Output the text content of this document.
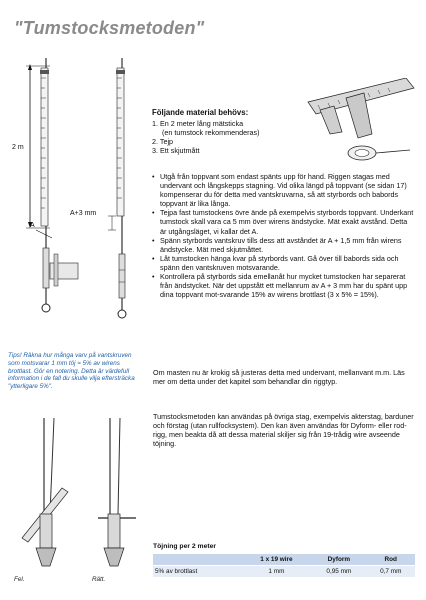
"Tumstocksmetoden"
2 m
A
A+3 mm
Följande material behövs:
1. En 2 meter lång mätsticka
(en tumstock rekommenderas)
2. Tejp
3. Ett skjutmått
• Utgå från toppvant som endast spänts upp för hand. Riggen stagas med undervant och långskepps stagning. Vid olika längd på toppvant (se sidan 17) kompenserar du för detta med vantskruvarna, så att styrbords och babords toppvant är lika långa.
• Tejpa fast tumstockens övre ände på exempelvis styrbords toppvant. Underkant tumstock skall vara ca 5 mm över wirens ändstycke. Mät exakt avstånd. Detta är utgångsläget, vi kallar det A.
• Spänn styrbords vantskruv tills dess att avståndet är A + 1,5 mm från wirens ändstycke. Mät med skjutmåttet.
• Låt tumstocken hänga kvar på styrbords vant. Gå över till babords sida och spänn den vantskruven motsvarande.
• Kontrollera på styrbords sida emellanåt hur mycket tumstocken har separerat från ändstycket. När det uppstått ett mellanrum av A + 3 mm har du spänt upp dina toppvant mot-svarande 15% av wirens brottlast (3 x 5% = 15%).
Om masten nu är krokig så justeras detta med undervant, mellanvant m.m. Läs mer om detta under det kapitel som behandlar din riggtyp.
Tumstocksmetoden kan användas på övriga stag, exempelvis akterstag, barduner och förstag (utan rullfocksystem). Den kan även användas för Dyform- eller rod-rigg, men beakta då att dessa material skiljer sig från 19-trådig wire avseende töjning.
Tips! Räkna hur många varv på vantskruven som motsvarar 1 mm töj ≈ 5% av wirens brottlast. Gör en notering. Detta är värdefull information i de fall du skulle vilja eftersträcka "ytterligare 5%".
Fel.	Rätt.
Töjning per 2 meter
	1 x 19 wire	Dyform	Rod
5% av brottlast	1 mm	0,95 mm	0,7 mm
